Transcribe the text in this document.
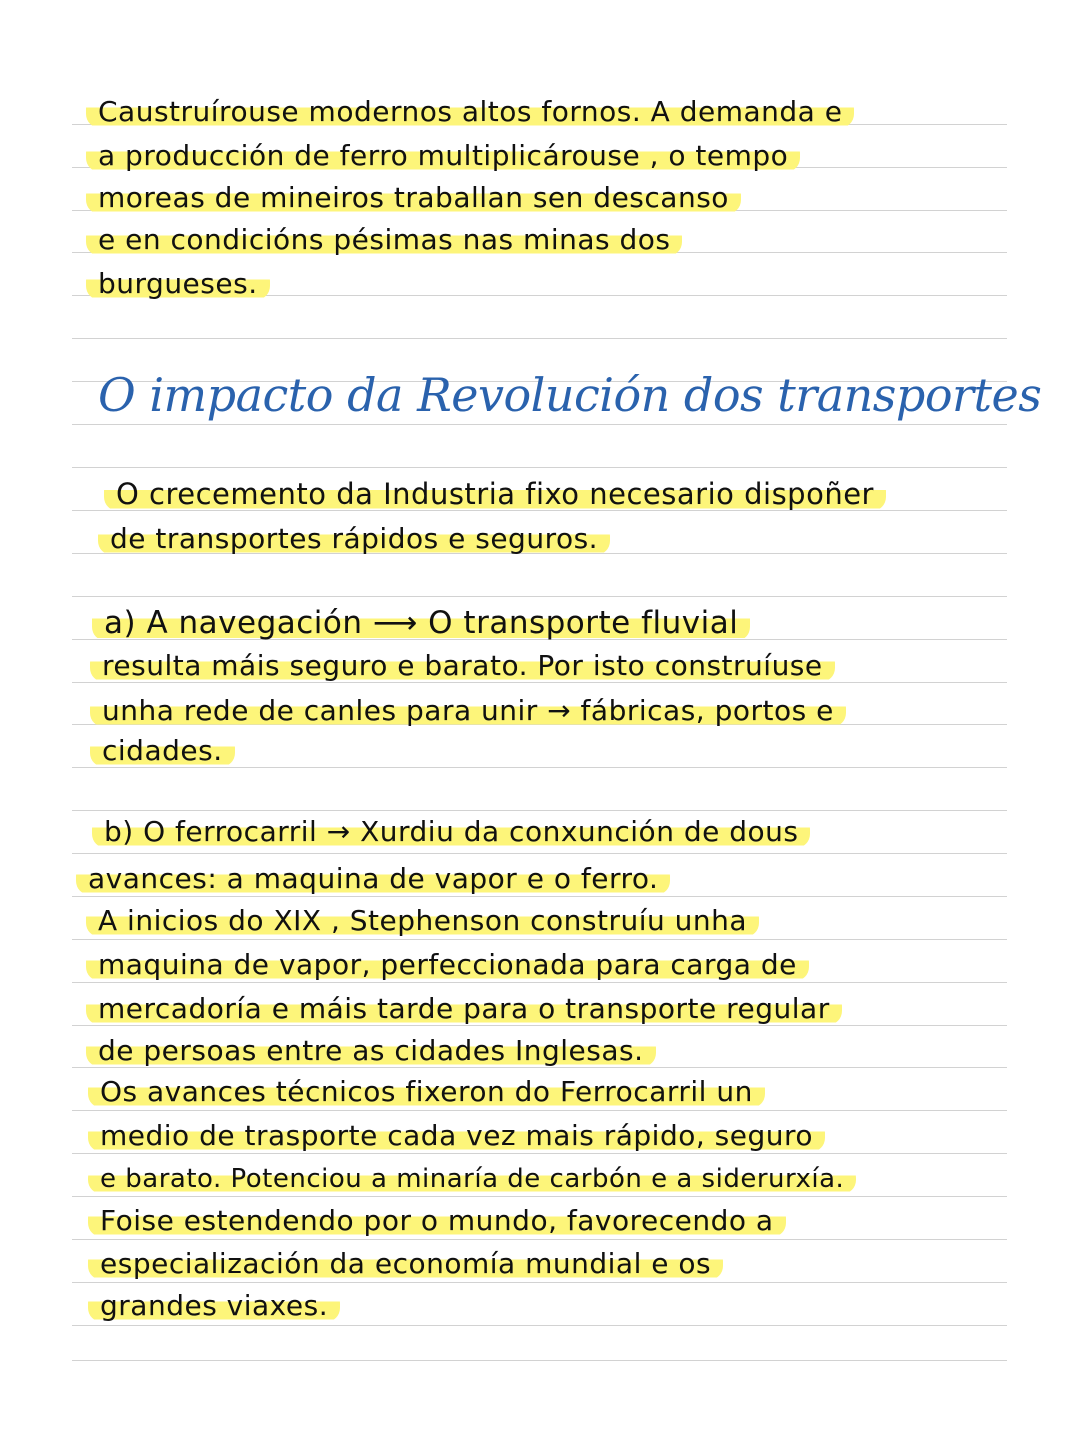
Caustruírouse modernos altos fornos. A demanda e
a producción de ferro multiplicárouse , o tempo
moreas de mineiros traballan sen descanso
e en condicións pésimas nas minas dos
burgueses.
O impacto da Revolución dos transportes
O crecemento da Industria fixo necesario dispoñer
de transportes rápidos e seguros.
a) A navegación ⟶ O transporte fluvial
resulta máis seguro e barato. Por isto construíuse
unha rede de canles para unir → fábricas, portos e
cidades.
b) O ferrocarril → Xurdiu da conxunción de dous
avances: a maquina de vapor e o ferro.
A inicios do XIX , Stephenson construíu unha
maquina de vapor, perfeccionada para carga de
mercadoría e máis tarde para o transporte regular
de persoas entre as cidades Inglesas.
Os avances técnicos fixeron do Ferrocarril un
medio de trasporte cada vez mais rápido, seguro
e barato. Potenciou a minaría de carbón e a siderurxía.
Foise estendendo por o mundo, favorecendo a
especialización da economía mundial e os
grandes viaxes.
